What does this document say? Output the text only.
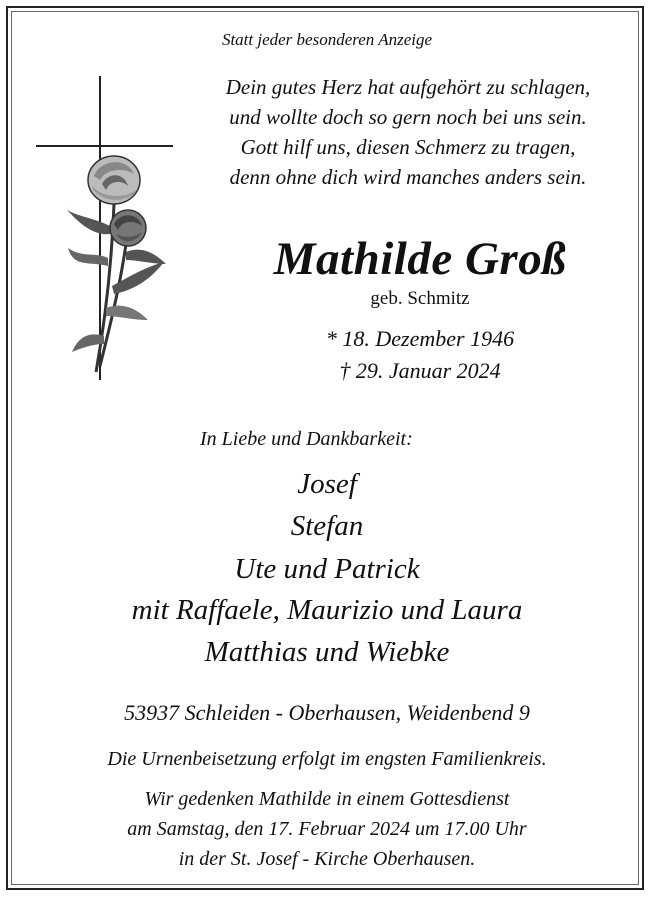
Statt jeder besonderen Anzeige
Dein gutes Herz hat aufgehört zu schlagen,
und wollte doch so gern noch bei uns sein.
Gott hilf uns, diesen Schmerz zu tragen,
denn ohne dich wird manches anders sein.
Mathilde Groß
geb. Schmitz
* 18. Dezember 1946
† 29. Januar 2024
In Liebe und Dankbarkeit:
Josef
Stefan
Ute und Patrick
mit Raffaele, Maurizio und Laura
Matthias und Wiebke
53937 Schleiden - Oberhausen, Weidenbend 9
Die Urnenbeisetzung erfolgt im engsten Familienkreis.
Wir gedenken Mathilde in einem Gottesdienst
am Samstag, den 17. Februar 2024 um 17.00 Uhr
in der St. Josef - Kirche Oberhausen.
